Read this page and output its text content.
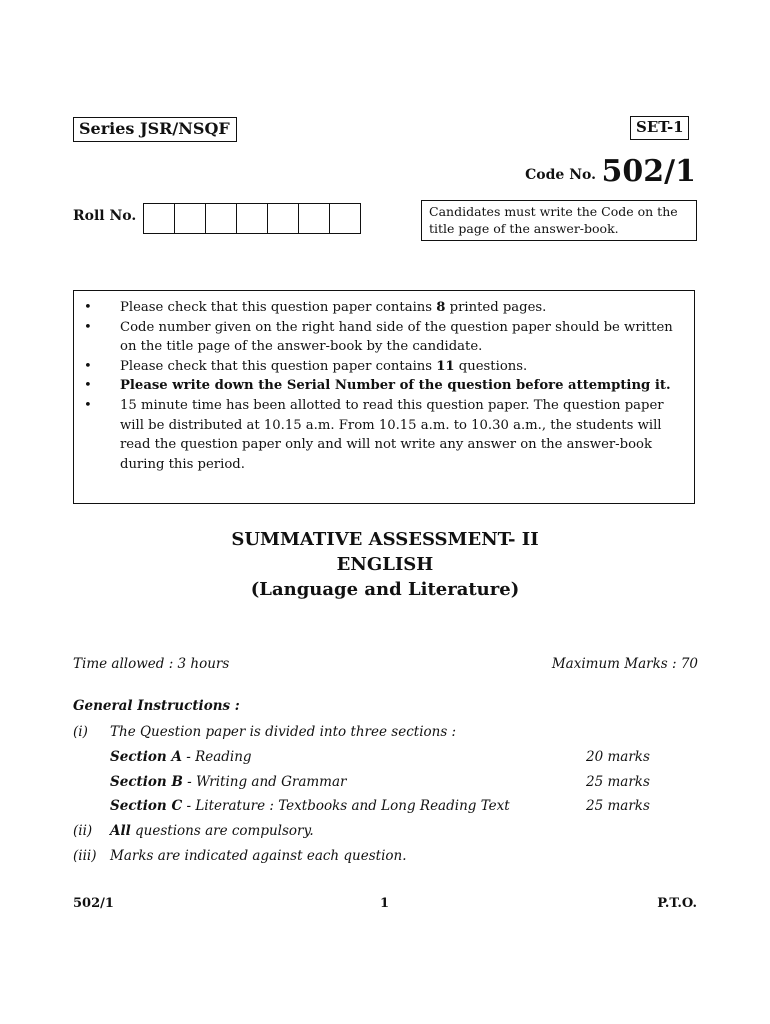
Series JSR/NSQF	SET-1
Code No. 502/1
Roll No.	Candidates must write the Code on the title page of the answer-book.
• Please check that this question paper contains 8 printed pages.
• Code number given on the right hand side of the question paper should be written on the title page of the answer-book by the candidate.
• Please check that this question paper contains 11 questions.
• Please write down the Serial Number of the question before attempting it.
• 15 minute time has been allotted to read this question paper. The question paper will be distributed at 10.15 a.m. From 10.15 a.m. to 10.30 a.m., the students will read the question paper only and will not write any answer on the answer-book during this period.
SUMMATIVE ASSESSMENT- II
ENGLISH
(Language and Literature)
Time allowed : 3 hours	Maximum Marks : 70
General Instructions :
(i) The Question paper is divided into three sections :
Section A - Reading	20 marks
Section B - Writing and Grammar	25 marks
Section C - Literature : Textbooks and Long Reading Text	25 marks
(ii) All questions are compulsory.
(iii) Marks are indicated against each question.
502/1	1	P.T.O.
